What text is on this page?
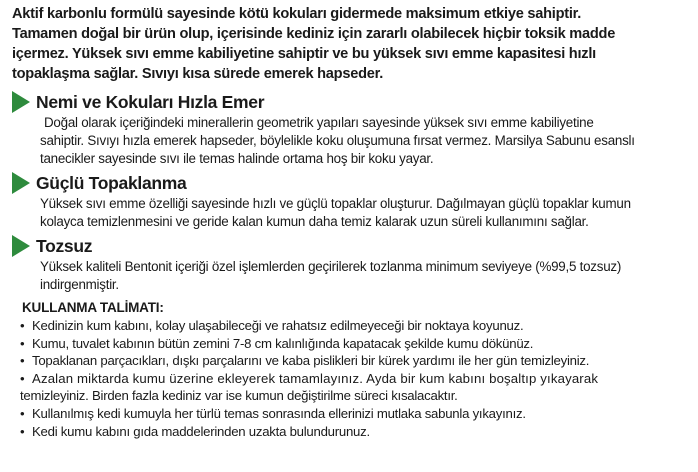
Aktif karbonlu formülü sayesinde kötü kokuları gidermede maksimum etkiye sahiptir.
Tamamen doğal bir ürün olup, içerisinde kediniz için zararlı olabilecek hiçbir toksik madde
içermez. Yüksek sıvı emme kabiliyetine sahiptir ve bu yüksek sıvı emme kapasitesi hızlı
topaklaşma sağlar. Sıvıyı kısa sürede emerek hapseder.
Nemi ve Kokuları Hızla Emer
Doğal olarak içeriğindeki minerallerin geometrik yapıları sayesinde yüksek sıvı emme kabiliyetine
sahiptir. Sıvıyı hızla emerek hapseder, böylelikle koku oluşumuna fırsat vermez. Marsilya Sabunu esanslı
tanecikler sayesinde sıvı ile temas halinde ortama hoş bir koku yayar.
Güçlü Topaklanma
Yüksek sıvı emme özelliği sayesinde hızlı ve güçlü topaklar oluşturur. Dağılmayan güçlü topaklar kumun
kolayca temizlenmesini ve geride kalan kumun daha temiz kalarak uzun süreli kullanımını sağlar.
Tozsuz
Yüksek kaliteli Bentonit içeriği özel işlemlerden geçirilerek tozlanma minimum seviyeye (%99,5 tozsuz)
indirgenmiştir.
KULLANMA TALİMATI:
• Kedinizin kum kabını, kolay ulaşabileceği ve rahatsız edilmeyeceği bir noktaya koyunuz.
• Kumu, tuvalet kabının bütün zemini 7-8 cm kalınlığında kapatacak şekilde kumu dökünüz.
• Topaklanan parçacıkları, dışkı parçalarını ve kaba pislikleri bir kürek yardımı ile her gün temizleyiniz.
• Azalan miktarda kumu üzerine ekleyerek tamamlayınız. Ayda bir kum kabını boşaltıp yıkayarak
temizleyiniz. Birden fazla kediniz var ise kumun değiştirilme süreci kısalacaktır.
• Kullanılmış kedi kumuyla her türlü temas sonrasında ellerinizi mutlaka sabunla yıkayınız.
• Kedi kumu kabını gıda maddelerinden uzakta bulundurunuz.
